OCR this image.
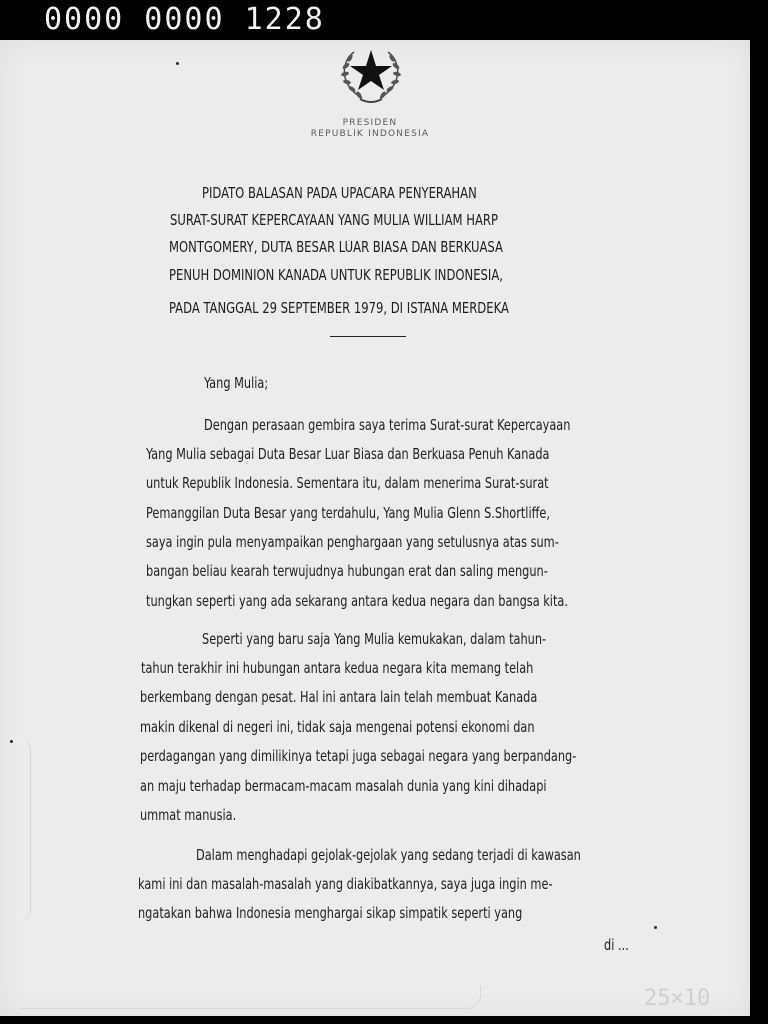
0000 0000 1228
PRESIDEN
REPUBLIK INDONESIA
PIDATO BALASAN PADA UPACARA PENYERAHAN
SURAT-SURAT KEPERCAYAAN YANG MULIA WILLIAM HARP
MONTGOMERY, DUTA BESAR LUAR BIASA DAN BERKUASA
PENUH DOMINION KANADA UNTUK REPUBLIK INDONESIA,
PADA TANGGAL 29 SEPTEMBER 1979, DI ISTANA MERDEKA
Yang Mulia;
Dengan perasaan gembira saya terima Surat-surat Kepercayaan
Yang Mulia sebagai Duta Besar Luar Biasa dan Berkuasa Penuh Kanada
untuk Republik Indonesia. Sementara itu, dalam menerima Surat-surat
Pemanggilan Duta Besar yang terdahulu, Yang Mulia Glenn S.Shortliffe,
saya ingin pula menyampaikan penghargaan yang setulusnya atas sum-
bangan beliau kearah terwujudnya hubungan erat dan saling mengun-
tungkan seperti yang ada sekarang antara kedua negara dan bangsa kita.
Seperti yang baru saja Yang Mulia kemukakan, dalam tahun-
tahun terakhir ini hubungan antara kedua negara kita memang telah
berkembang dengan pesat. Hal ini antara lain telah membuat Kanada
makin dikenal di negeri ini, tidak saja mengenai potensi ekonomi dan
perdagangan yang dimilikinya tetapi juga sebagai negara yang berpandang-
an maju terhadap bermacam-macam masalah dunia yang kini dihadapi
ummat manusia.
Dalam menghadapi gejolak-gejolak yang sedang terjadi di kawasan
kami ini dan masalah-masalah yang diakibatkannya, saya juga ingin me-
ngatakan bahwa Indonesia menghargai sikap simpatik seperti yang
di ...
25×10
